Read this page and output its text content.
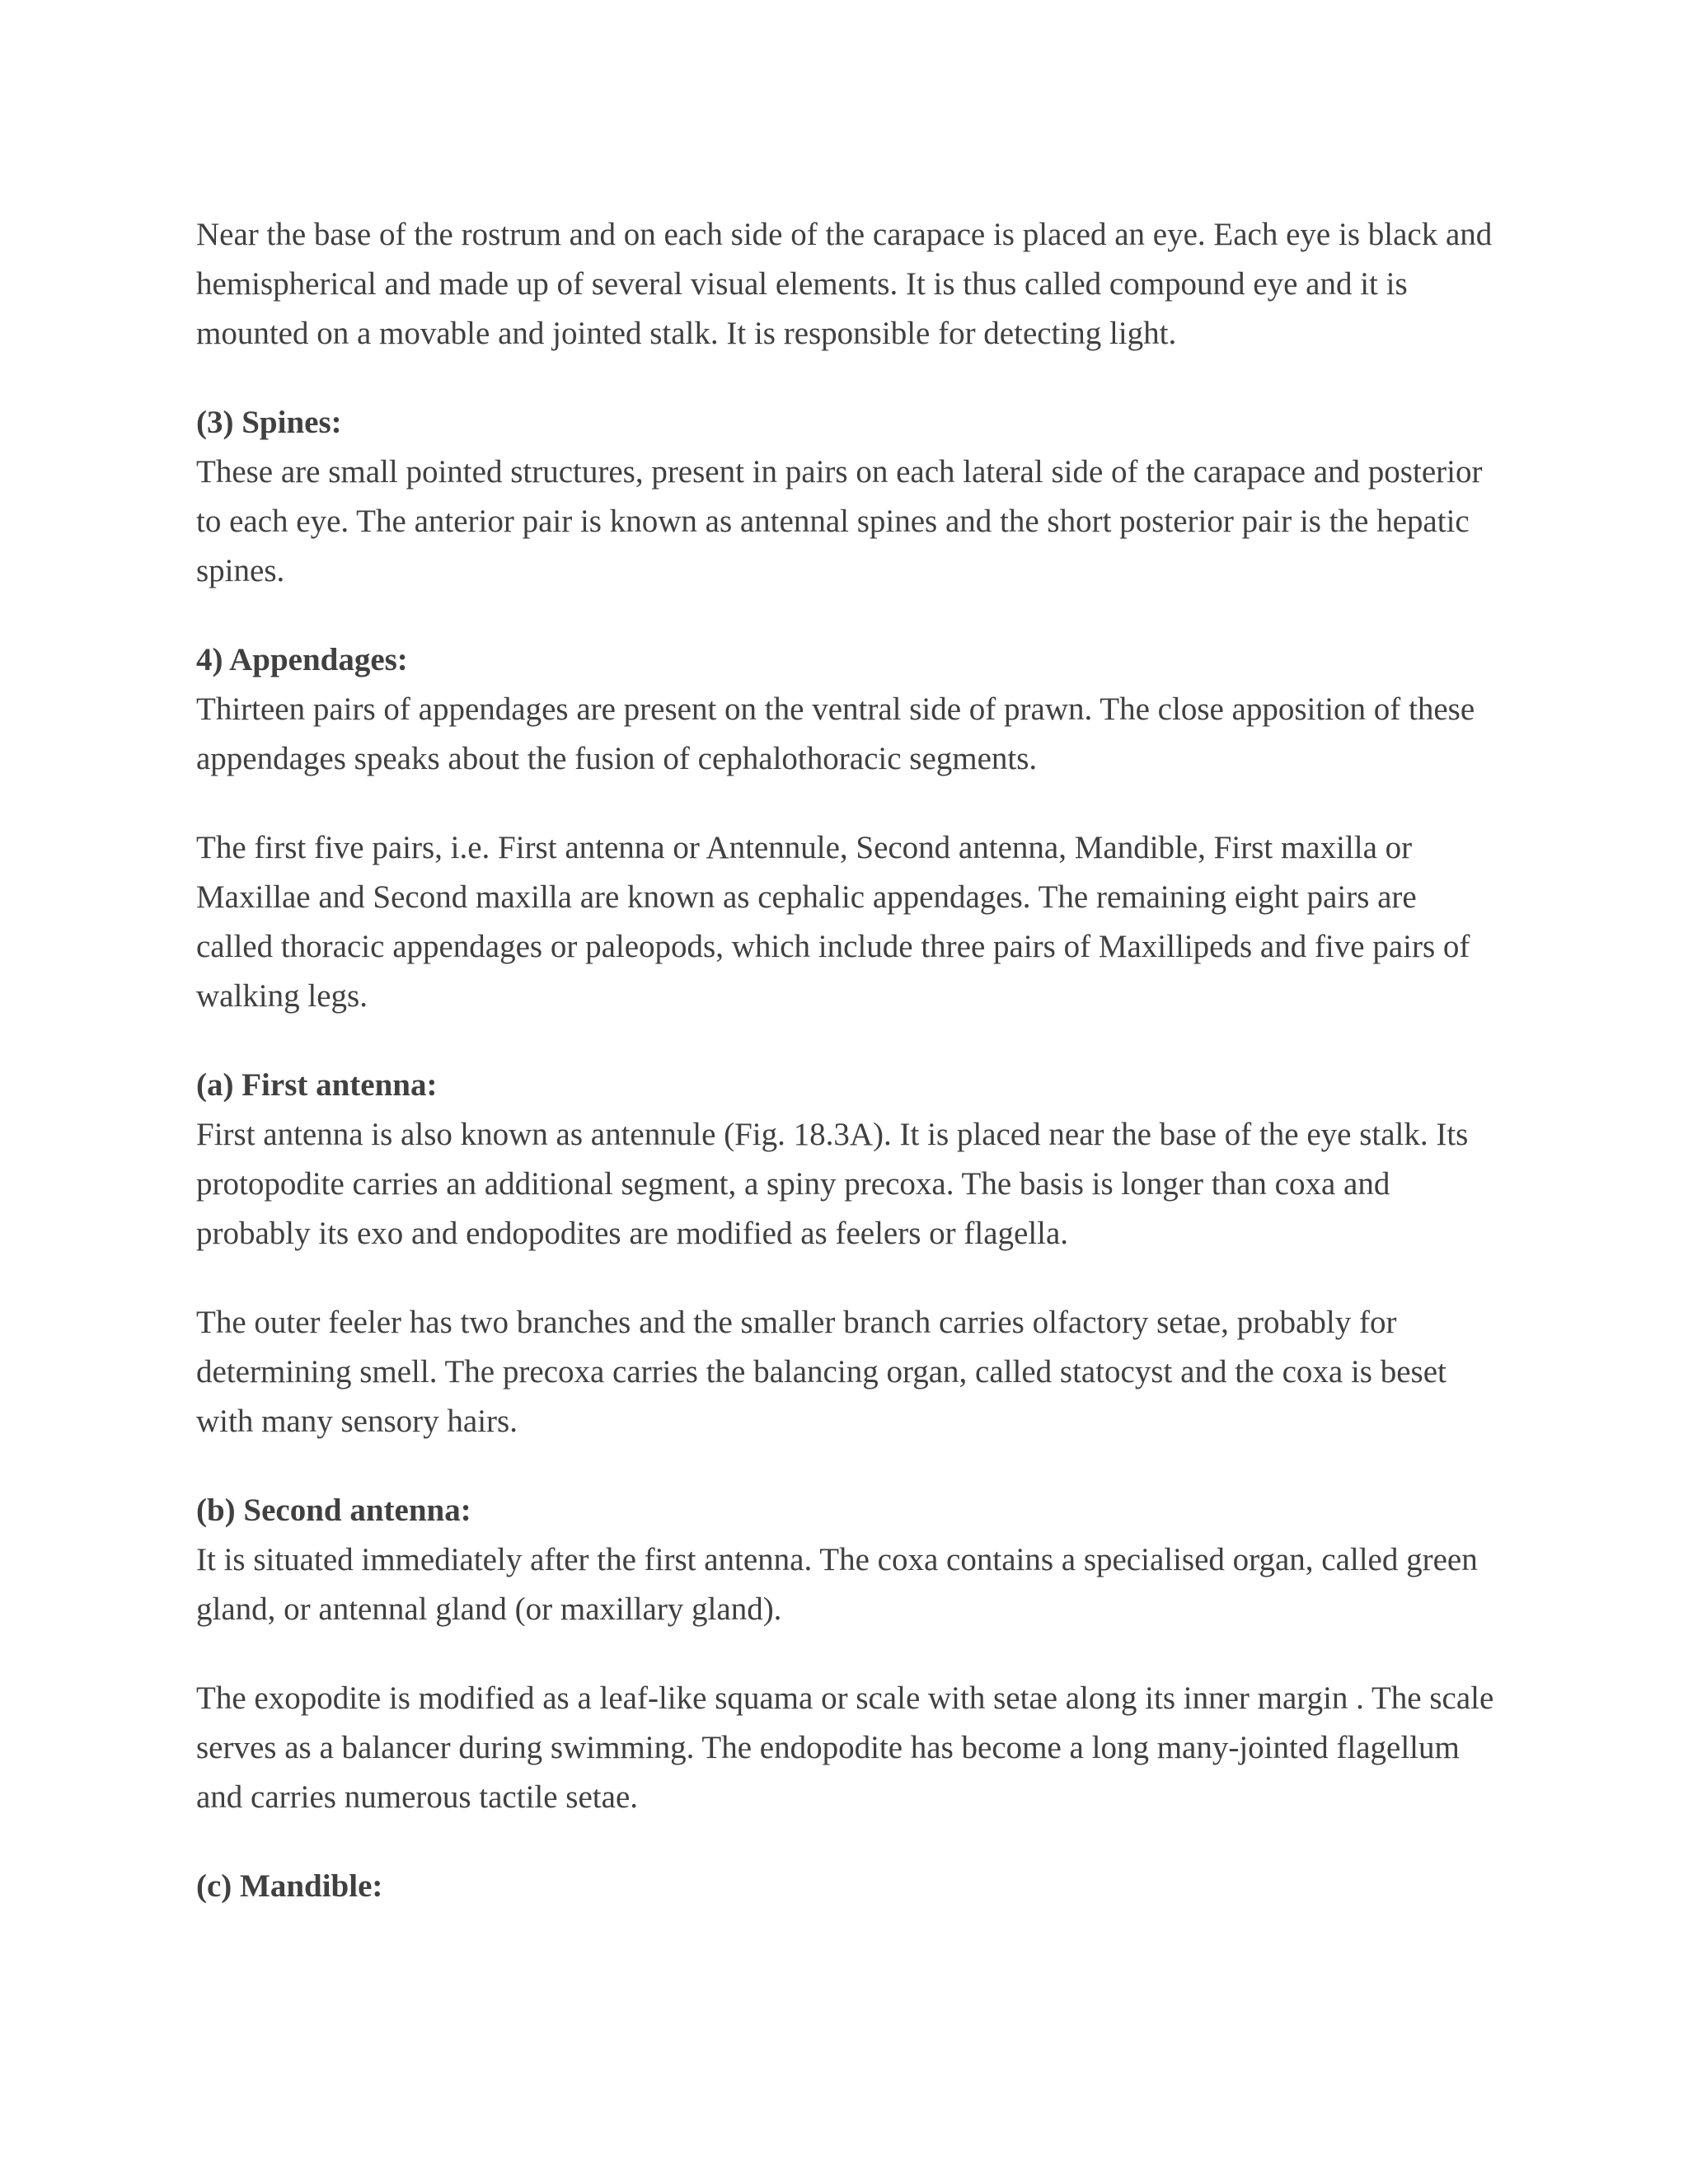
Near the base of the rostrum and on each side of the carapace is placed an eye. Each eye is black and hemispherical and made up of several visual elements. It is thus called compound eye and it is mounted on a movable and jointed stalk. It is responsible for detecting light.

(3) Spines:

These are small pointed structures, present in pairs on each lateral side of the carapace and posterior to each eye. The anterior pair is known as antennal spines and the short posterior pair is the hepatic spines.

4) Appendages:

Thirteen pairs of appendages are present on the ventral side of prawn. The close apposition of these appendages speaks about the fusion of cephalothoracic segments.

The first five pairs, i.e. First antenna or Antennule, Second antenna, Mandible, First maxilla or Maxillae and Second maxilla are known as cephalic appendages. The remaining eight pairs are called thoracic appendages or paleopods, which include three pairs of Maxillipeds and five pairs of walking legs.

(a) First antenna:

First antenna is also known as antennule (Fig. 18.3A). It is placed near the base of the eye stalk. Its protopodite carries an additional segment, a spiny precoxa. The basis is longer than coxa and probably its exo and endopodites are modified as feelers or flagella.

The outer feeler has two branches and the smaller branch carries olfactory setae, probably for determining smell. The precoxa carries the balancing organ, called statocyst and the coxa is beset with many sensory hairs.

(b) Second antenna:

It is situated immediately after the first antenna. The coxa contains a specialised organ, called green gland, or antennal gland (or maxillary gland).

The exopodite is modified as a leaf-like squama or scale with setae along its inner margin . The scale serves as a balancer during swimming. The endopodite has become a long many-jointed flagellum and carries numerous tactile setae.

(c) Mandible:
